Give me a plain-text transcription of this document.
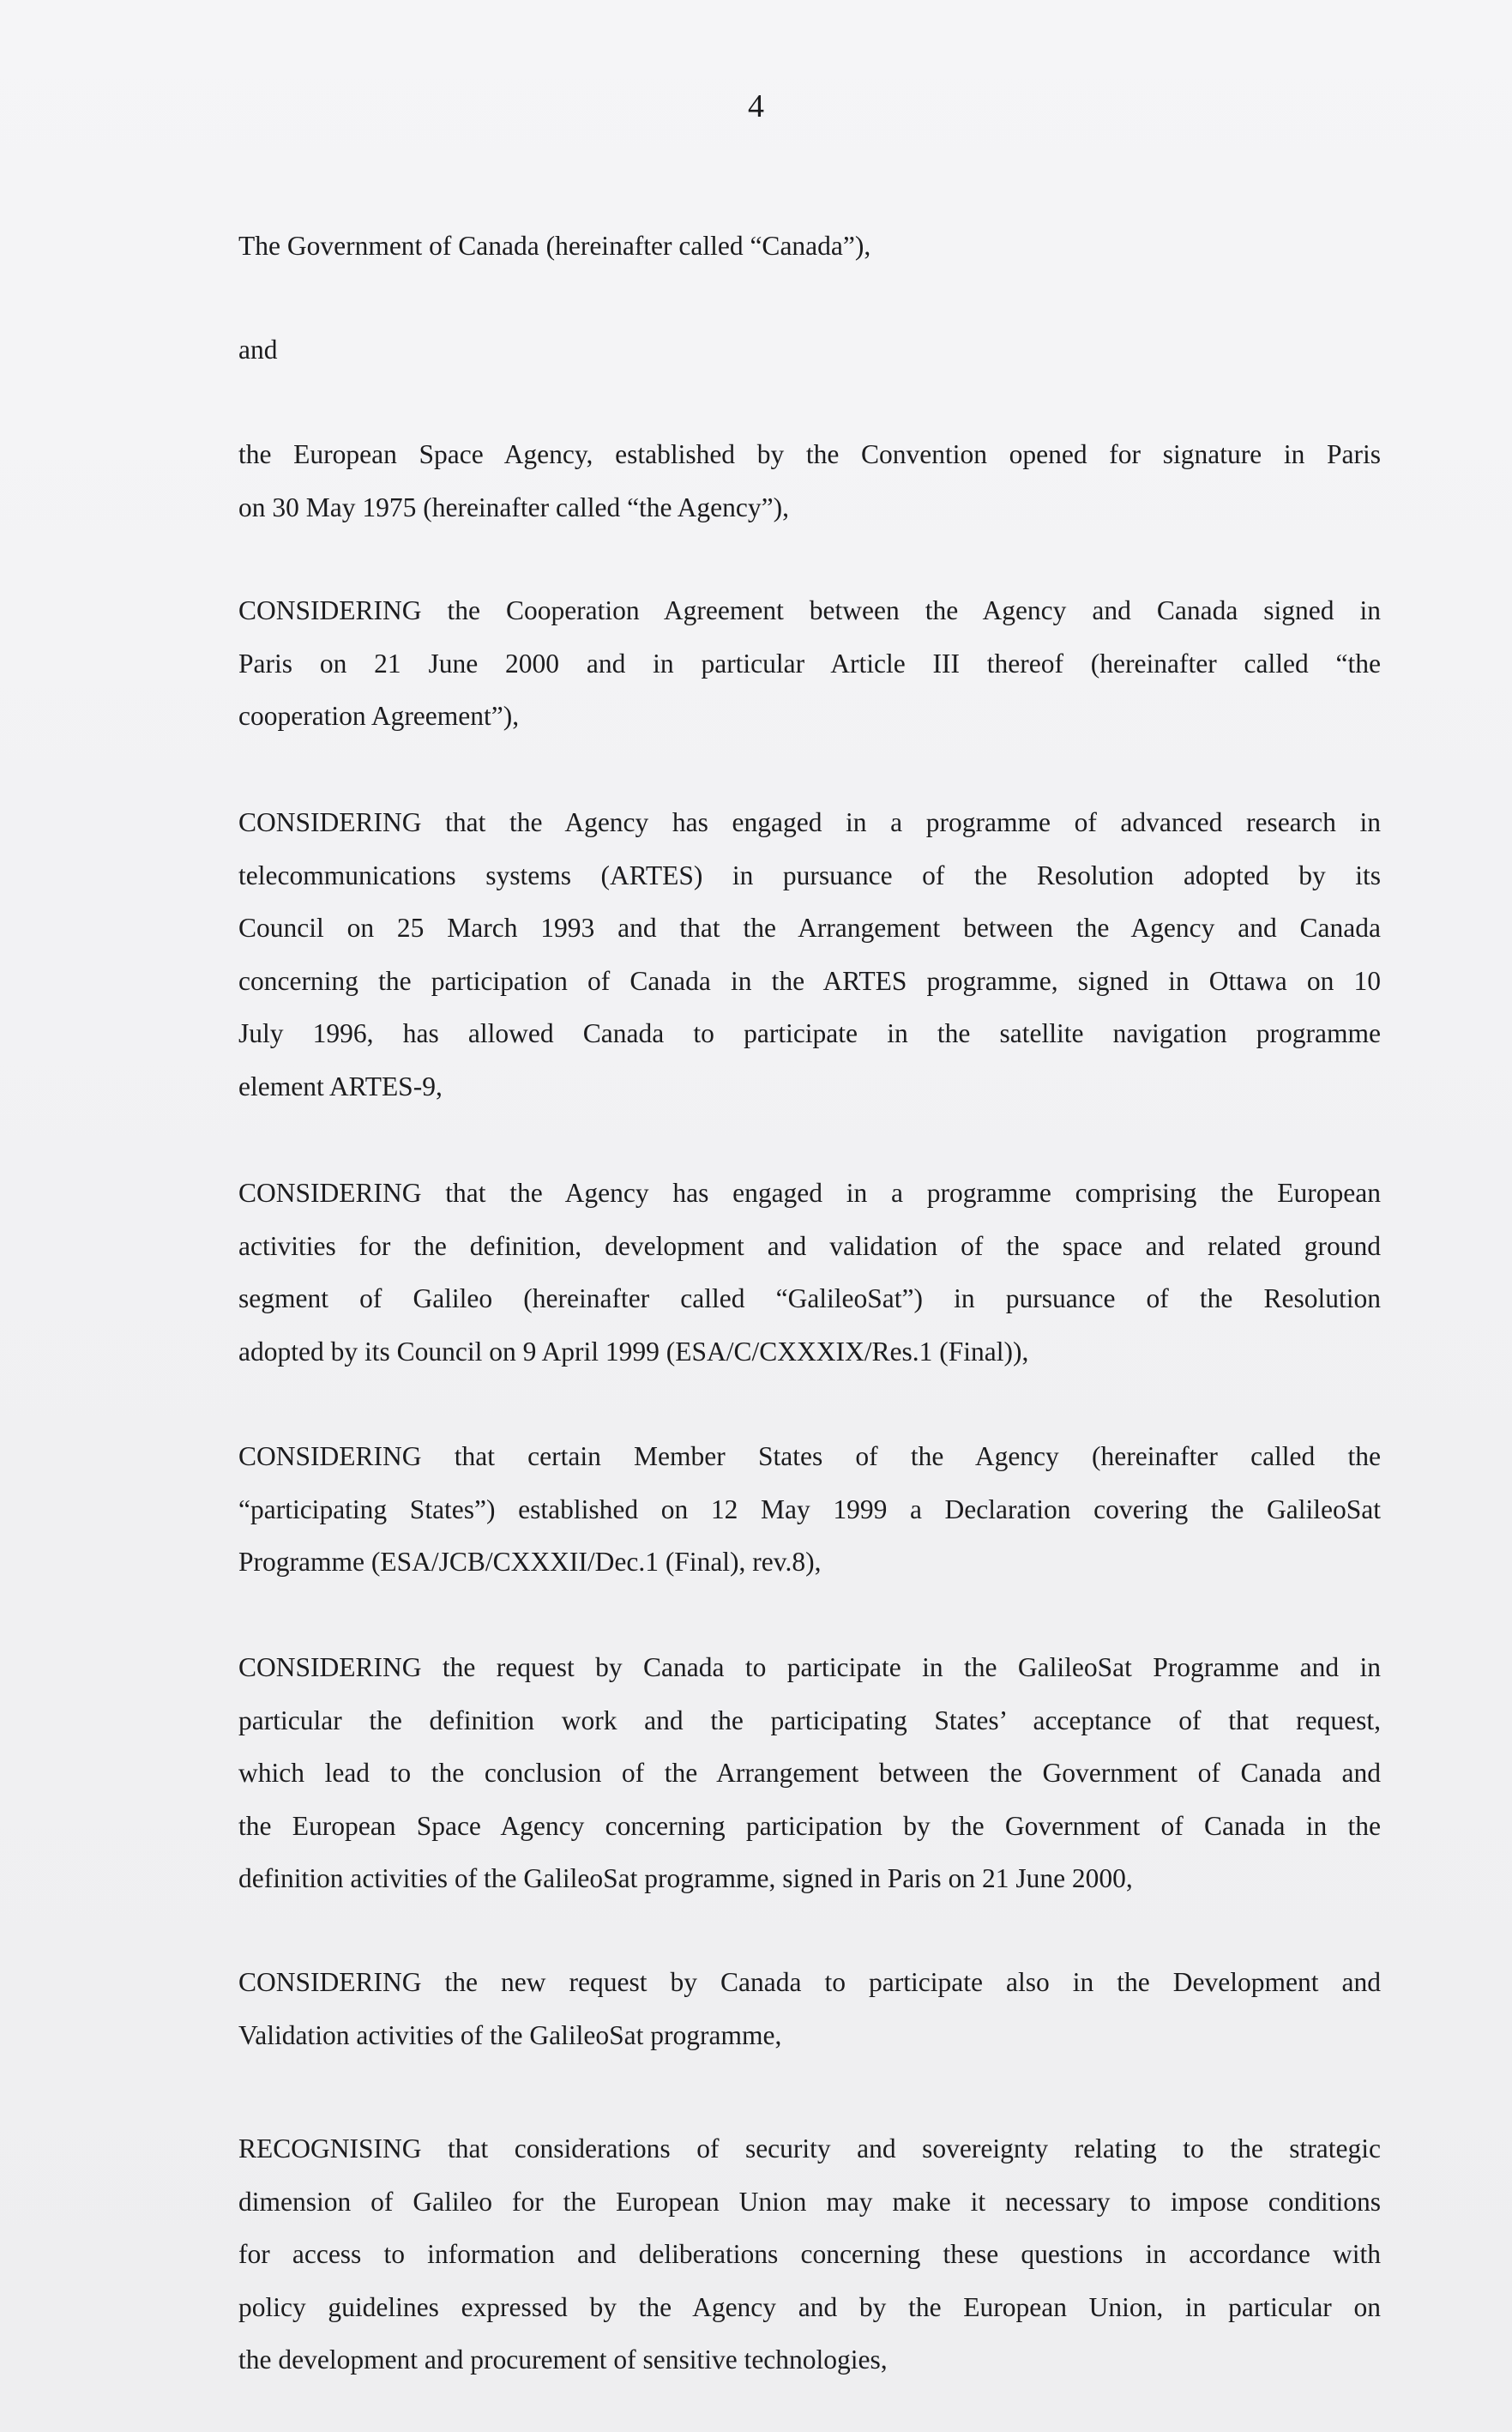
4
The Government of Canada (hereinafter called “Canada”),
and
the European Space Agency, established by the Convention opened for signature in Paris
on 30 May 1975 (hereinafter called “the Agency”),
CONSIDERING the Cooperation Agreement between the Agency and Canada signed in
Paris on 21 June 2000 and in particular Article III thereof (hereinafter called “the
cooperation Agreement”),
CONSIDERING that the Agency has engaged in a programme of advanced research in
telecommunications systems (ARTES) in pursuance of the Resolution adopted by its
Council on 25 March 1993 and that the Arrangement between the Agency and Canada
concerning the participation of Canada in the ARTES programme, signed in Ottawa on 10
July 1996, has allowed Canada to participate in the satellite navigation programme
element ARTES-9,
CONSIDERING that the Agency has engaged in a programme comprising the European
activities for the definition, development and validation of the space and related ground
segment of Galileo (hereinafter called “GalileoSat”) in pursuance of the Resolution
adopted by its Council on 9 April 1999 (ESA/C/CXXXIX/Res.1 (Final)),
CONSIDERING that certain Member States of the Agency (hereinafter called the
“participating States”) established on 12 May 1999 a Declaration covering the GalileoSat
Programme (ESA/JCB/CXXXII/Dec.1 (Final), rev.8),
CONSIDERING the request by Canada to participate in the GalileoSat Programme and in
particular the definition work and the participating States’ acceptance of that request,
which lead to the conclusion of the Arrangement between the Government of Canada and
the European Space Agency concerning participation by the Government of Canada in the
definition activities of the GalileoSat programme, signed in Paris on 21 June 2000,
CONSIDERING the new request by Canada to participate also in the Development and
Validation activities of the GalileoSat programme,
RECOGNISING that considerations of security and sovereignty relating to the strategic
dimension of Galileo for the European Union may make it necessary to impose conditions
for access to information and deliberations concerning these questions in accordance with
policy guidelines expressed by the Agency and by the European Union, in particular on
the development and procurement of sensitive technologies,
